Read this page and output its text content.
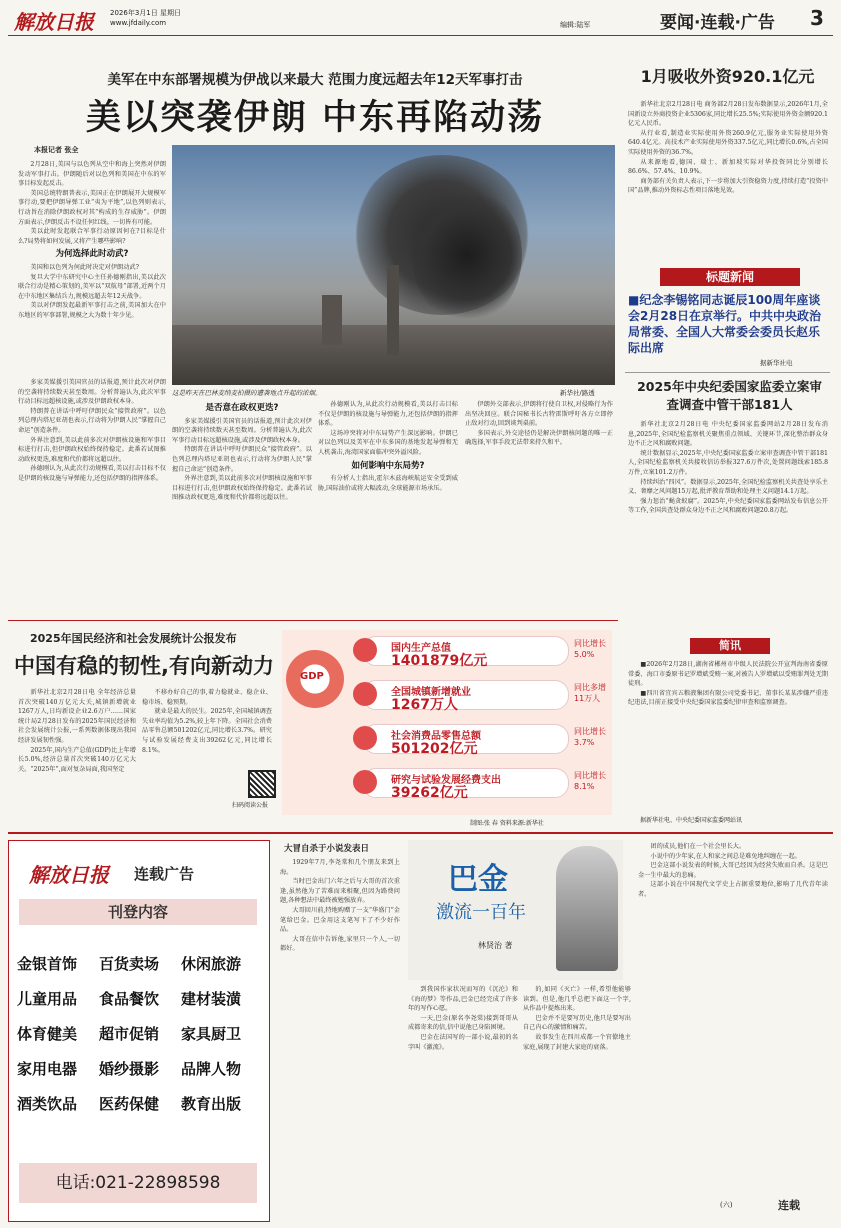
解放日报 2026年3月1日 星期日
www.jfdaily.com	编辑:陆军	要闻·连载·广告 3
美军在中东部署规模为伊战以来最大 范围力度远超去年12天军事打击
美以突袭伊朗 中东再陷动荡
本报记者 张全

2月28日,美国与以色列从空中和海上突然对伊朗发动军事打击。伊朗随后对以色列和美国在中东的军事目标发起反击。

美国总统特朗普表示,美国正在伊朗展开大规模军事行动,要把伊朗导弹工业“夷为平地”,以色列则表示,行动旨在消除伊朗政权对其“构成的生存威胁”。伊朗方面表示,伊朗反击不设任何红线。一切皆有可能。

美以此时发起联合军事行动原因何在?目标是什么?局势将如何发展,又将产生哪些影响?

为何选择此时动武?

美国和以色列为何此时决定对伊朗动武?

复旦大学中东研究中心主任孙德刚指出,美以此次联合行动是精心策划的,美军以“双航母”部署,近两个月在中东地区集结兵力,规模远超去年12天战争。

美以对伊朗发起最新军事打击之前,美国加大在中东地区的军事部署,规模之大为数十年少见。

多家美媒援引美国官员的话报道,预计此次对伊朗的空袭将持续数天甚至数周。分析普遍认为,此次军事行动目标远超核设施,或涉及伊朗政权本身。

特朗普在讲话中呼吁伊朗民众“接管政府”。以色列总理内塔尼亚胡也表示,行动将为伊朗人民“掌握自己命运”创造条件。

外界注意到,美以此前多次对伊朗核设施和军事目标进行打击,但伊朗政权始终保持稳定。此番若试图推动政权更迭,难度和代价都将远超以往。

孙德刚认为,从此次行动规模看,美以打击目标不仅是伊朗的核设施与导弹能力,还包括伊朗的指挥体系。

这是昨天在巴林麦纳麦拍摄的遭袭地点升起的浓烟。	新华社/路透
是否意在政权更迭?

多家美媒援引美国官员的话报道,预计此次对伊朗的空袭将持续数天甚至数周。分析普遍认为,此次军事行动目标远超核设施,或涉及伊朗政权本身。

特朗普在讲话中呼吁伊朗民众“接管政府”。以色列总理内塔尼亚胡也表示,行动将为伊朗人民“掌握自己命运”创造条件。

外界注意到,美以此前多次对伊朗核设施和军事目标进行打击,但伊朗政权始终保持稳定。此番若试图推动政权更迭,难度和代价都将远超以往。

孙德刚认为,从此次行动规模看,美以打击目标不仅是伊朗的核设施与导弹能力,还包括伊朗的指挥体系。

这场冲突将对中东局势产生深远影响。伊朗已对以色列以及美军在中东多国的基地发起导弹和无人机袭击,海湾国家面临冲突外溢风险。

如何影响中东局势?

有分析人士指出,霍尔木兹海峡航运安全受到威胁,国际油价或将大幅波动,全球能源市场承压。

伊朗外交部表示,伊朗将行使自卫权,对侵略行为作出坚决回应。联合国秘书长古特雷斯呼吁各方立即停止敌对行动,回到谈判桌前。

多国表示,外交途径仍是解决伊朗核问题的唯一正确选择,军事手段无法带来持久和平。

1月吸收外资920.1亿元

新华社北京2月28日电 商务部2月28日发布数据显示,2026年1月,全国新设立外商投资企业5306家,同比增长25.5%;实际使用外资金额920.1亿元人民币。

从行业看,制造业实际使用外资260.9亿元,服务业实际使用外资640.4亿元。高技术产业实际使用外资337.5亿元,同比增长0.6%,占全国实际使用外资的36.7%。

从来源地看,德国、瑞士、新加坡实际对华投资同比分别增长86.6%、57.4%、10.9%。

商务部有关负责人表示,下一步将加大引资稳资力度,持续打造“投资中国”品牌,推动外资标志性项目落地见效。

标题新闻
■纪念李锡铭同志诞辰100周年座谈会2月28日在京举行。中共中央政治局常委、全国人大常委会委员长赵乐际出席
据新华社电
2025年中央纪委国家监委立案审查调查中管干部181人

新华社北京2月28日电 中央纪委国家监委网站2月28日发布消息,2025年,全国纪检监察机关聚焦重点领域、关键环节,深化整治群众身边不正之风和腐败问题。

统计数据显示,2025年,中央纪委国家监委立案审查调查中管干部181人,全国纪检监察机关共接收信访举报327.6万件次,处置问题线索185.8万件,立案101.2万件。

持续纠治“四风”。数据显示,2025年,全国纪检监察机关共查处享乐主义、奢靡之风问题15万起,批评教育帮助和处理主义问题14.1万起。

强力惩治“蝇贪蚁腐”。2025年,中央纪委国家监委网站发布信息公开等工作,全国共查处群众身边不正之风和腐败问题20.8万起。

简讯

■2026年2月28日,湖南省郴州市中级人民法院公开宣判海南省委原常委、海口市委原书记罗增斌受贿一案,对被告人罗增斌以受贿罪判处无期徒刑。

■四川省宜宾五粮液集团有限公司党委书记、董事长某某涉嫌严重违纪违法,目前正接受中央纪委国家监委纪律审查和监察调查。

据新华社电、中央纪委国家监委网站讯
2025年国民经济和社会发展统计公报发布
中国有稳的韧性,有向新动力

新华社北京2月28日电 全年经济总量首次突破140万亿元大关,城镇新增就业1267万人,日均新设企业2.6万户……国家统计局2月28日发布的2025年国民经济和社会发展统计公报,一系列数据体现出我国经济发展韧性强。

2025年,国内生产总值(GDP)比上年增长5.0%,经济总量首次突破140万亿元大关。“2025年”,面对复杂局面,我国坚定

不移办好自己的事,着力稳就业、稳企业、稳市场、稳预期。

就业是最大的民生。2025年,全国城镇调查失业率均值为5.2%,较上年下降。全国社会消费品零售总额501202亿元,同比增长3.7%。研究与试验发展经费支出39262亿元,同比增长8.1%。

扫码阅读公报
GDP
国内生产总值
1401879亿元
同比增长
5.0%
全国城镇新增就业
1267万人
同比多增
11万人
社会消费品零售总额
501202亿元
同比增长
3.7%
研究与试验发展经费支出
39262亿元
同比增长
8.1%
制图:张 春 资料来源:新华社
解放日报 连载广告
刊登内容
金银首饰 百货卖场 休闲旅游
儿童用品 食品餐饮 建材装潢
体育健美 超市促销 家具厨卫
家用电器 婚纱摄影 品牌人物
酒类饮品 医药保健 教育出版
电话:021-22898598
大冒自杀于小说发表日

1929年7月,李尧棠和几个朋友来到上海。

当时巴金出门六年之后与大哥的首次重逢,虽然他为了苦难而来相聚,但因为路费问题,各种想法中最终被勉强放弃。

大哥回川前,特地购赠了一支“华盛门”金笔给巴金。巴金用这支笔写下了不少好作品。

大哥在信中告诉他,家里只一个人,一切都好。

巴金
激流一百年
林贤治 著

到我国作家状况而写的《沉沦》和《海的梦》等作品,巴金已经完成了许多年的写作心愿。

一天,巴金(原名李尧棠)接到哥哥从成都寄来的信,信中说他已身陷困境。

巴金在法国写的一部小说,最初的名字叫《激流》。

的,如同《灭亡》一样,希望他能够读到。但是,他几乎总把下面这一个字,从作品中提炼出来。

巴金并不是要写历史,他只是要写出自己内心的激情和痛苦。

故事发生在四川成都一个官僚地主家庭,展现了封建大家庭的衰落。

团的成员,他们在一个社会里长大。

小说中的少年家,在人和家之间总是难免地纠缠在一起。

巴金这部小说发表的时候,大哥已经因为经营失败而自杀。这是巴金一生中最大的悲痛。

这部小说在中国现代文学史上占据重要地位,影响了几代青年读者。

(六)	连载
